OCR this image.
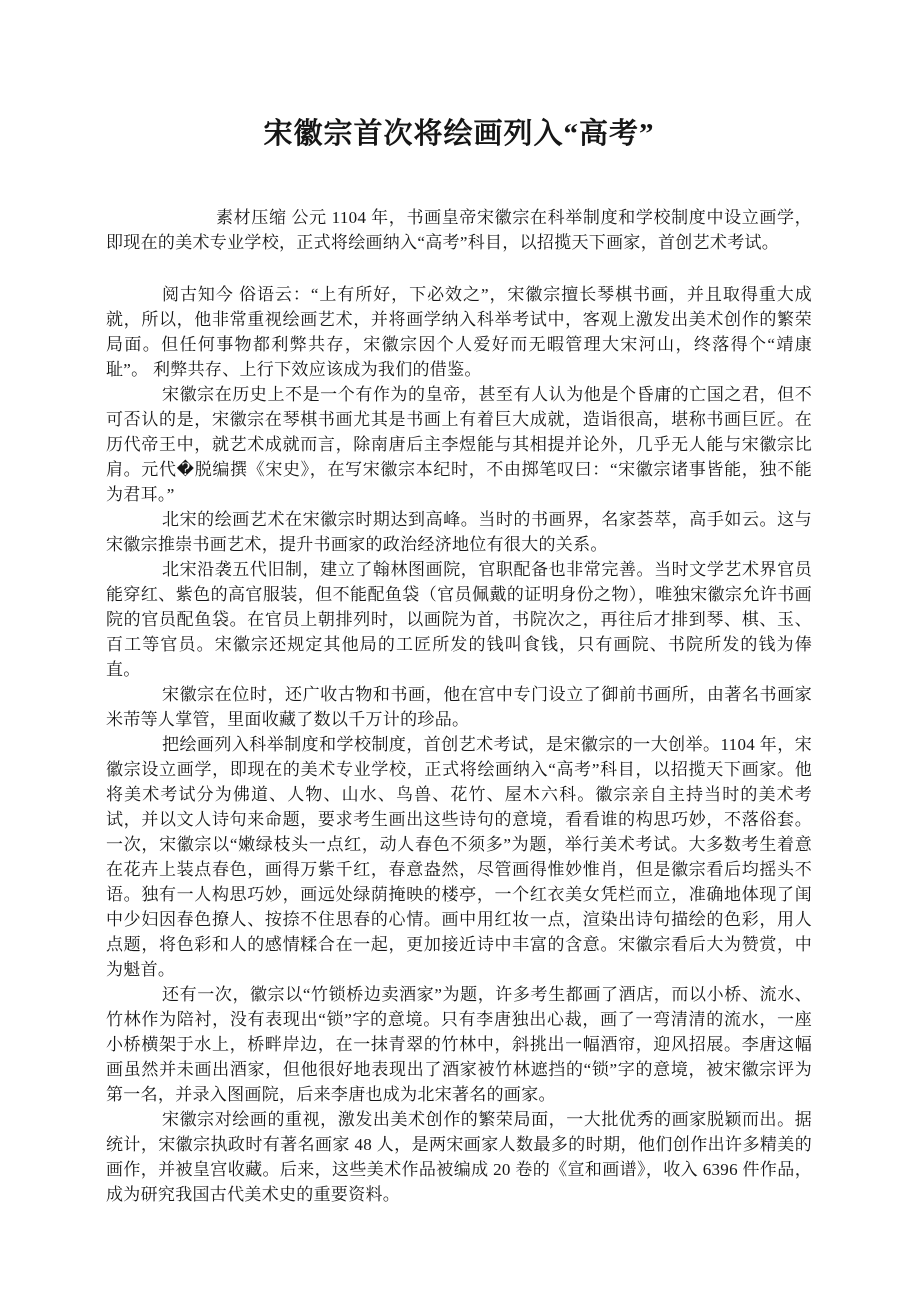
宋徽宗首次将绘画列入“高考”

素材压缩 公元 1104 年，书画皇帝宋徽宗在科举制度和学校制度中设立画学，即现在的美术专业学校，正式将绘画纳入“高考”科目，以招揽天下画家，首创艺术考试。

阅古知今 俗语云：“上有所好，下必效之”，宋徽宗擅长琴棋书画，并且取得重大成就，所以，他非常重视绘画艺术，并将画学纳入科举考试中，客观上激发出美术创作的繁荣局面。但任何事物都利弊共存，宋徽宗因个人爱好而无暇管理大宋河山，终落得个“靖康耻”。 利弊共存、上行下效应该成为我们的借鉴。

宋徽宗在历史上不是一个有作为的皇帝，甚至有人认为他是个昏庸的亡国之君，但不可否认的是，宋徽宗在琴棋书画尤其是书画上有着巨大成就，造诣很高，堪称书画巨匠。在历代帝王中，就艺术成就而言，除南唐后主李煜能与其相提并论外，几乎无人能与宋徽宗比肩。元代�脱编撰《宋史》，在写宋徽宗本纪时，不由掷笔叹曰：“宋徽宗诸事皆能，独不能为君耳。”

北宋的绘画艺术在宋徽宗时期达到高峰。当时的书画界，名家荟萃，高手如云。这与宋徽宗推崇书画艺术，提升书画家的政治经济地位有很大的关系。

北宋沿袭五代旧制，建立了翰林图画院，官职配备也非常完善。当时文学艺术界官员能穿红、紫色的高官服装，但不能配鱼袋（官员佩戴的证明身份之物），唯独宋徽宗允许书画院的官员配鱼袋。在官员上朝排列时，以画院为首，书院次之，再往后才排到琴、棋、玉、百工等官员。宋徽宗还规定其他局的工匠所发的钱叫食钱，只有画院、书院所发的钱为俸直。

宋徽宗在位时，还广收古物和书画，他在宫中专门设立了御前书画所，由著名书画家米芾等人掌管，里面收藏了数以千万计的珍品。

把绘画列入科举制度和学校制度，首创艺术考试，是宋徽宗的一大创举。1104 年，宋徽宗设立画学，即现在的美术专业学校，正式将绘画纳入“高考”科目，以招揽天下画家。他将美术考试分为佛道、人物、山水、鸟兽、花竹、屋木六科。徽宗亲自主持当时的美术考试，并以文人诗句来命题，要求考生画出这些诗句的意境，看看谁的构思巧妙，不落俗套。一次，宋徽宗以“嫩绿枝头一点红，动人春色不须多”为题，举行美术考试。大多数考生着意在花卉上装点春色，画得万紫千红，春意盎然，尽管画得惟妙惟肖，但是徽宗看后均摇头不语。独有一人构思巧妙，画远处绿荫掩映的楼亭，一个红衣美女凭栏而立，准确地体现了闺中少妇因春色撩人、按捺不住思春的心情。画中用红妆一点，渲染出诗句描绘的色彩，用人点题，将色彩和人的感情糅合在一起，更加接近诗中丰富的含意。宋徽宗看后大为赞赏，中为魁首。

还有一次，徽宗以“竹锁桥边卖酒家”为题，许多考生都画了酒店，而以小桥、流水、竹林作为陪衬，没有表现出“锁”字的意境。只有李唐独出心裁，画了一弯清清的流水，一座小桥横架于水上，桥畔岸边，在一抹青翠的竹林中，斜挑出一幅酒帘，迎风招展。李唐这幅画虽然并未画出酒家，但他很好地表现出了酒家被竹林遮挡的“锁”字的意境，被宋徽宗评为第一名，并录入图画院，后来李唐也成为北宋著名的画家。

宋徽宗对绘画的重视，激发出美术创作的繁荣局面，一大批优秀的画家脱颖而出。据统计，宋徽宗执政时有著名画家 48 人，是两宋画家人数最多的时期，他们创作出许多精美的画作，并被皇宫收藏。后来，这些美术作品被编成 20 卷的《宣和画谱》，收入 6396 件作品，成为研究我国古代美术史的重要资料。
